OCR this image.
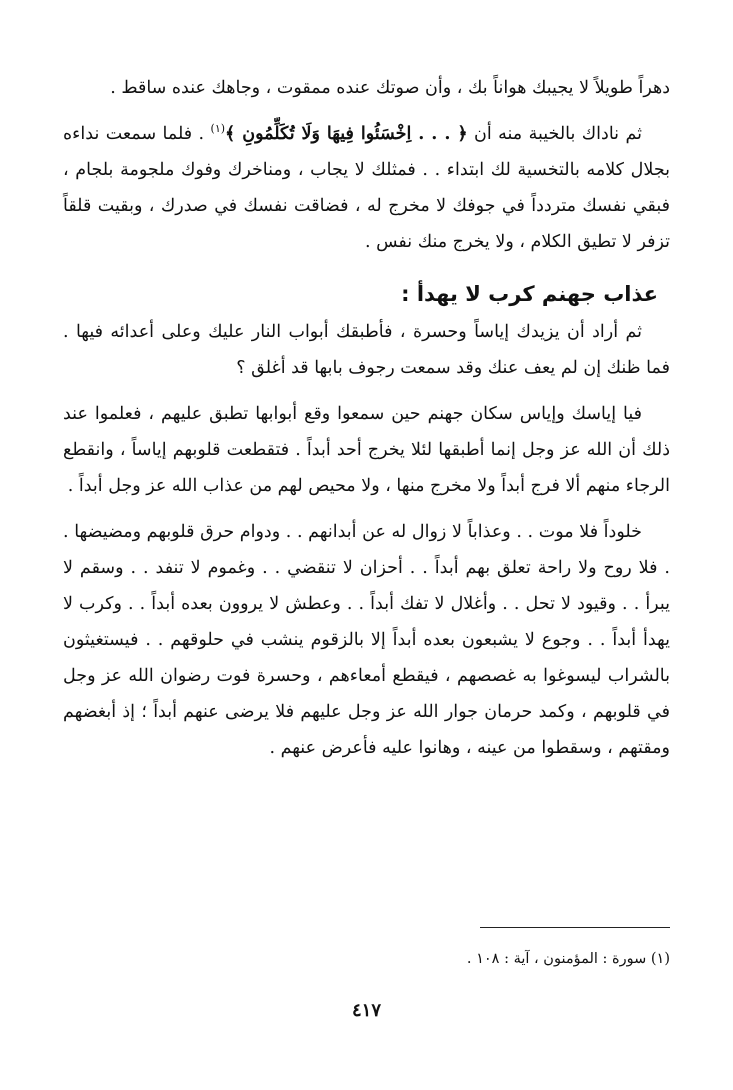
دهراً طويلاً لا يجيبك هواناً بك ، وأن صوتك عنده ممقوت ، وجاهك عنده ساقط .

ثم ناداك بالخيبة منه أن ﴿ . . . اِخْسَئُوا فِيهَا وَلَا تُكَلِّمُونِ ﴾$^{(١)}$ . فلما سمعت نداءه بجلال كلامه بالتخسية لك ابتداء . . فمثلك لا يجاب ، ومناخرك وفوك ملجومة بلجام ، فبقي نفسك متردداً في جوفك لا مخرج له ، فضاقت نفسك في صدرك ، وبقيت قلقاً تزفر لا تطيق الكلام ، ولا يخرج منك نفس .

عذاب جهنم كرب لا يهدأ :

ثم أراد أن يزيدك إياساً وحسرة ، فأطبقك أبواب النار عليك وعلى أعدائه فيها . فما ظنك إن لم يعف عنك وقد سمعت رجوف بابها قد أغلق ؟

فيا إياسك وإياس سكان جهنم حين سمعوا وقع أبوابها تطبق عليهم ، فعلموا عند ذلك أن الله عز وجل إنما أطبقها لئلا يخرج أحد أبداً . فتقطعت قلوبهم إياساً ، وانقطع الرجاء منهم ألا فرج أبداً ولا مخرج منها ، ولا محيص لهم من عذاب الله عز وجل أبداً .

خلوداً فلا موت . . وعذاباً لا زوال له عن أبدانهم . . ودوام حرق قلوبهم ومضيضها . . فلا روح ولا راحة تعلق بهم أبداً . . أحزان لا تنقضي . . وغموم لا تنفد . . وسقم لا يبرأ . . وقيود لا تحل . . وأغلال لا تفك أبداً . . وعطش لا يروون بعده أبداً . . وكرب لا يهدأ أبداً . . وجوع لا يشبعون بعده أبداً إلا بالزقوم ينشب في حلوقهم . . فيستغيثون بالشراب ليسوغوا به غصصهم ، فيقطع أمعاءهم ، وحسرة فوت رضوان الله عز وجل في قلوبهم ، وكمد حرمان جوار الله عز وجل عليهم فلا يرضى عنهم أبداً ؛ إذ أبغضهم ومقتهم ، وسقطوا من عينه ، وهانوا عليه فأعرض عنهم .

(١) سورة : المؤمنون ، آية : ١٠٨ .

٤١٧
